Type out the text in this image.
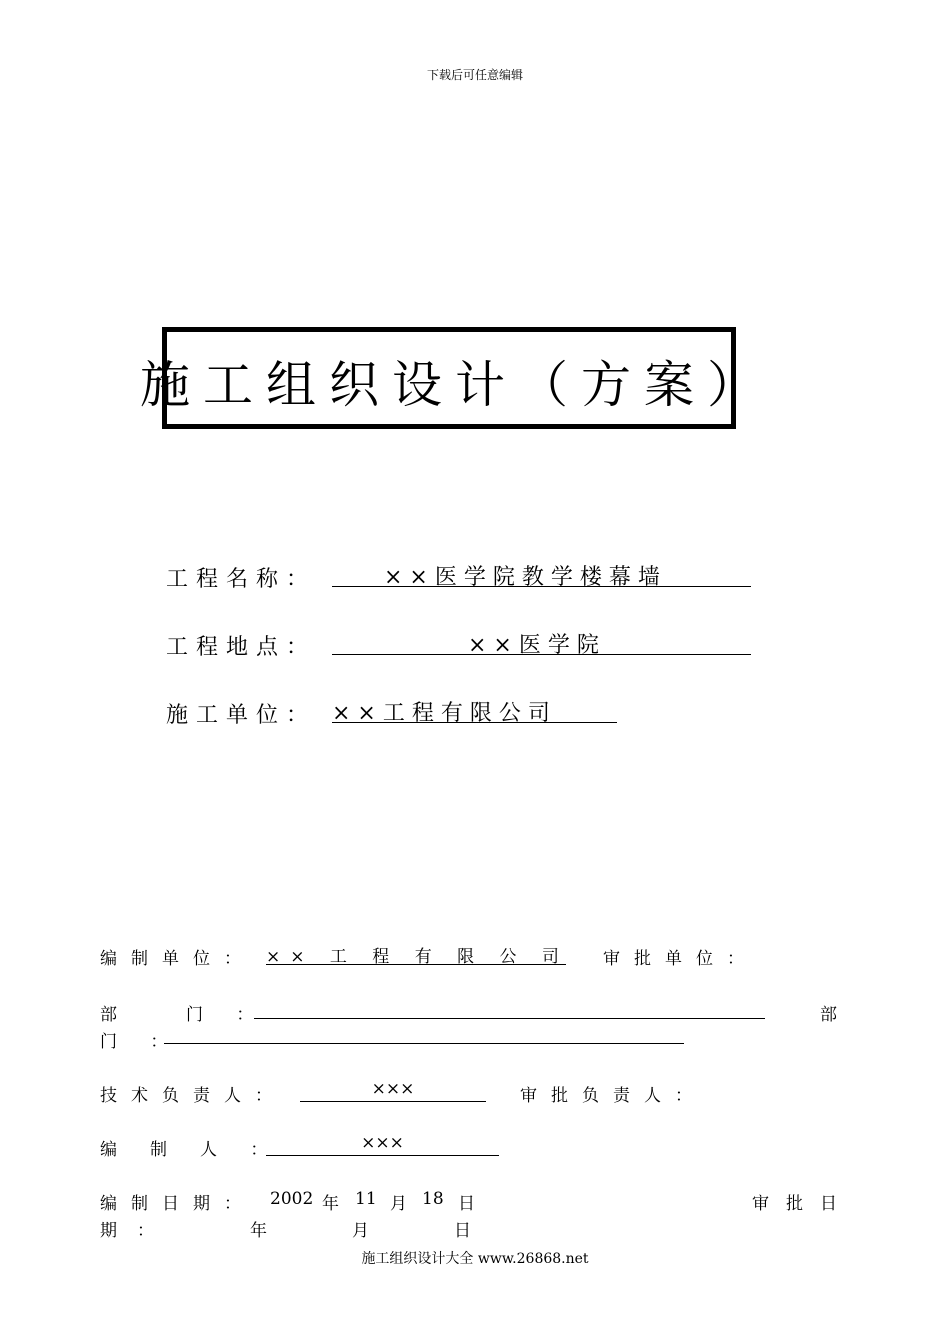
下载后可任意编辑
施工组织设计（方案）
工程名称：	××医学院教学楼幕墙
工程地点：	××医学院
施工单位： ××工程有限公司
编制单位： ×× 工 程 有 限 公 司 审批单位：
部	门 ：	部
门 ：
技术负责人：	×××	审批负责人：
编 制 人 ：	×××
编制日期： 2002 年 11 月 18 日	审批日
期：	年	月	日
施工组织设计大全 www.26868.net
